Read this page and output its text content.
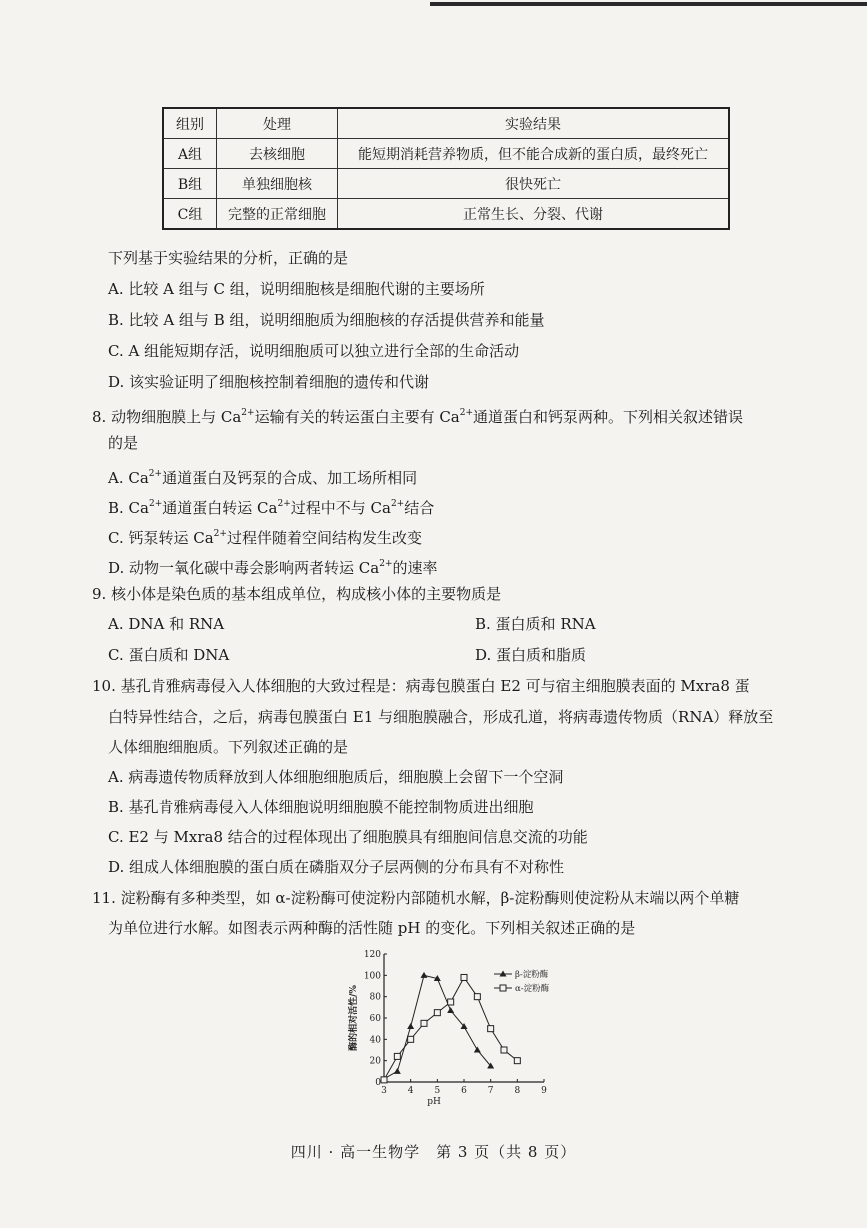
组别	处理	实验结果
A组	去核细胞	能短期消耗营养物质，但不能合成新的蛋白质，最终死亡
B组	单独细胞核	很快死亡
C组	完整的正常细胞	正常生长、分裂、代谢
下列基于实验结果的分析，正确的是
A. 比较 A 组与 C 组，说明细胞核是细胞代谢的主要场所
B. 比较 A 组与 B 组，说明细胞质为细胞核的存活提供营养和能量
C. A 组能短期存活，说明细胞质可以独立进行全部的生命活动
D. 该实验证明了细胞核控制着细胞的遗传和代谢
8. 动物细胞膜上与 $Ca^{2+}$运输有关的转运蛋白主要有 $Ca^{2+}$通道蛋白和钙泵两种。下列相关叙述错误
的是
A. $Ca^{2+}$通道蛋白及钙泵的合成、加工场所相同
B. $Ca^{2+}$通道蛋白转运 $Ca^{2+}$过程中不与 $Ca^{2+}$结合
C. 钙泵转运 $Ca^{2+}$过程伴随着空间结构发生改变
D. 动物一氧化碳中毒会影响两者转运 $Ca^{2+}$的速率
9. 核小体是染色质的基本组成单位，构成核小体的主要物质是
A. DNA 和 RNA	B. 蛋白质和 RNA
C. 蛋白质和 DNA	D. 蛋白质和脂质
10. 基孔肯雅病毒侵入人体细胞的大致过程是：病毒包膜蛋白 E2 可与宿主细胞膜表面的 Mxra8 蛋
白特异性结合，之后，病毒包膜蛋白 E1 与细胞膜融合，形成孔道，将病毒遗传物质（RNA）释放至
人体细胞细胞质。下列叙述正确的是
A. 病毒遗传物质释放到人体细胞细胞质后，细胞膜上会留下一个空洞
B. 基孔肯雅病毒侵入人体细胞说明细胞膜不能控制物质进出细胞
C. E2 与 Mxra8 结合的过程体现出了细胞膜具有细胞间信息交流的功能
D. 组成人体细胞膜的蛋白质在磷脂双分子层两侧的分布具有不对称性
11. 淀粉酶有多种类型，如 α-淀粉酶可使淀粉内部随机水解，β-淀粉酶则使淀粉从末端以两个单糖
为单位进行水解。如图表示两种酶的活性随 pH 的变化。下列相关叙述正确的是
0
20
40
60
80
100
120
3 4 5 6 7 8 9
pH
酶的相对活性/%
β-淀粉酶
α-淀粉酶
四川 · 高一生物学　第 3 页（共 8 页）
